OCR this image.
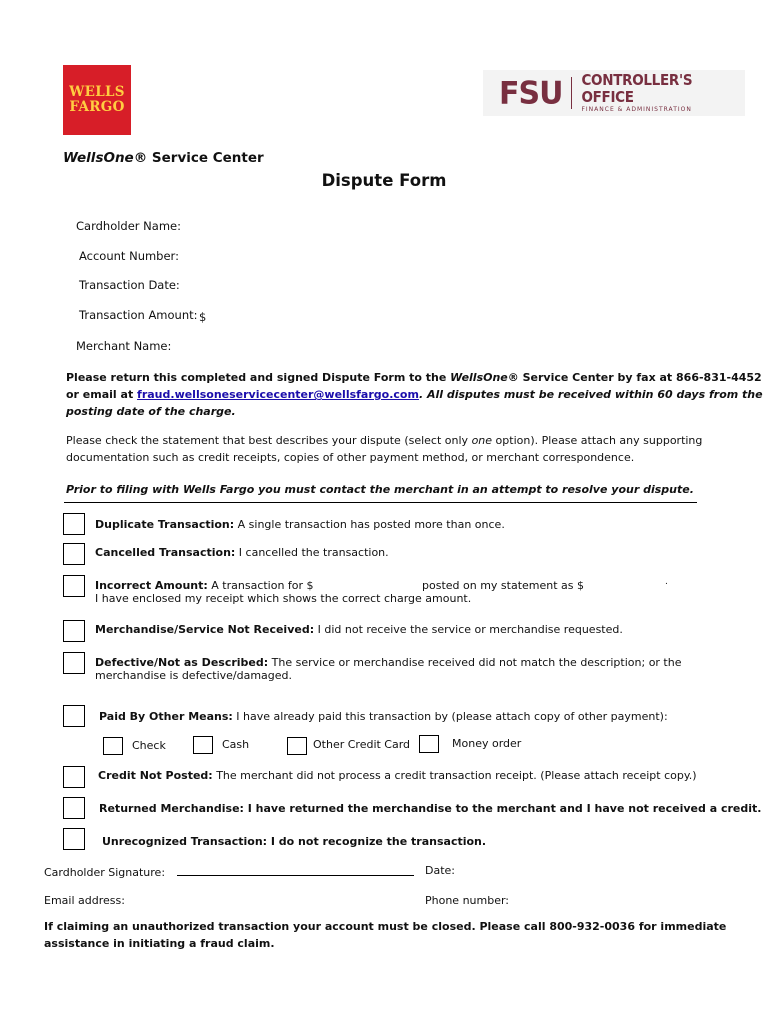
WELLS
FARGO	FSU CONTROLLER'S OFFICE
FINANCE & ADMINISTRATION
WellsOne® Service Center
Dispute Form
Cardholder Name:
Account Number:
Transaction Date:
Transaction Amount: $
Merchant Name:
Please return this completed and signed Dispute Form to the WellsOne® Service Center by fax at 866-831-4452
or email at fraud.wellsoneservicecenter@wellsfargo.com. All disputes must be received within 60 days from the
posting date of the charge.
Please check the statement that best describes your dispute (select only one option). Please attach any supporting
documentation such as credit receipts, copies of other payment method, or merchant correspondence.
Prior to filing with Wells Fargo you must contact the merchant in an attempt to resolve your dispute.
Duplicate Transaction: A single transaction has posted more than once.
Cancelled Transaction: I cancelled the transaction.
Incorrect Amount: A transaction for $	posted on my statement as $	.
I have enclosed my receipt which shows the correct charge amount.
Merchandise/Service Not Received: I did not receive the service or merchandise requested.
Defective/Not as Described: The service or merchandise received did not match the description; or the
merchandise is defective/damaged.
Paid By Other Means: I have already paid this transaction by (please attach copy of other payment):
Check	Cash	Other Credit Card	Money order
Credit Not Posted: The merchant did not process a credit transaction receipt. (Please attach receipt copy.)
Returned Merchandise: I have returned the merchandise to the merchant and I have not received a credit.
Unrecognized Transaction: I do not recognize the transaction.
Cardholder Signature:	Date:
Email address:	Phone number:
If claiming an unauthorized transaction your account must be closed. Please call 800-932-0036 for immediate
assistance in initiating a fraud claim.
